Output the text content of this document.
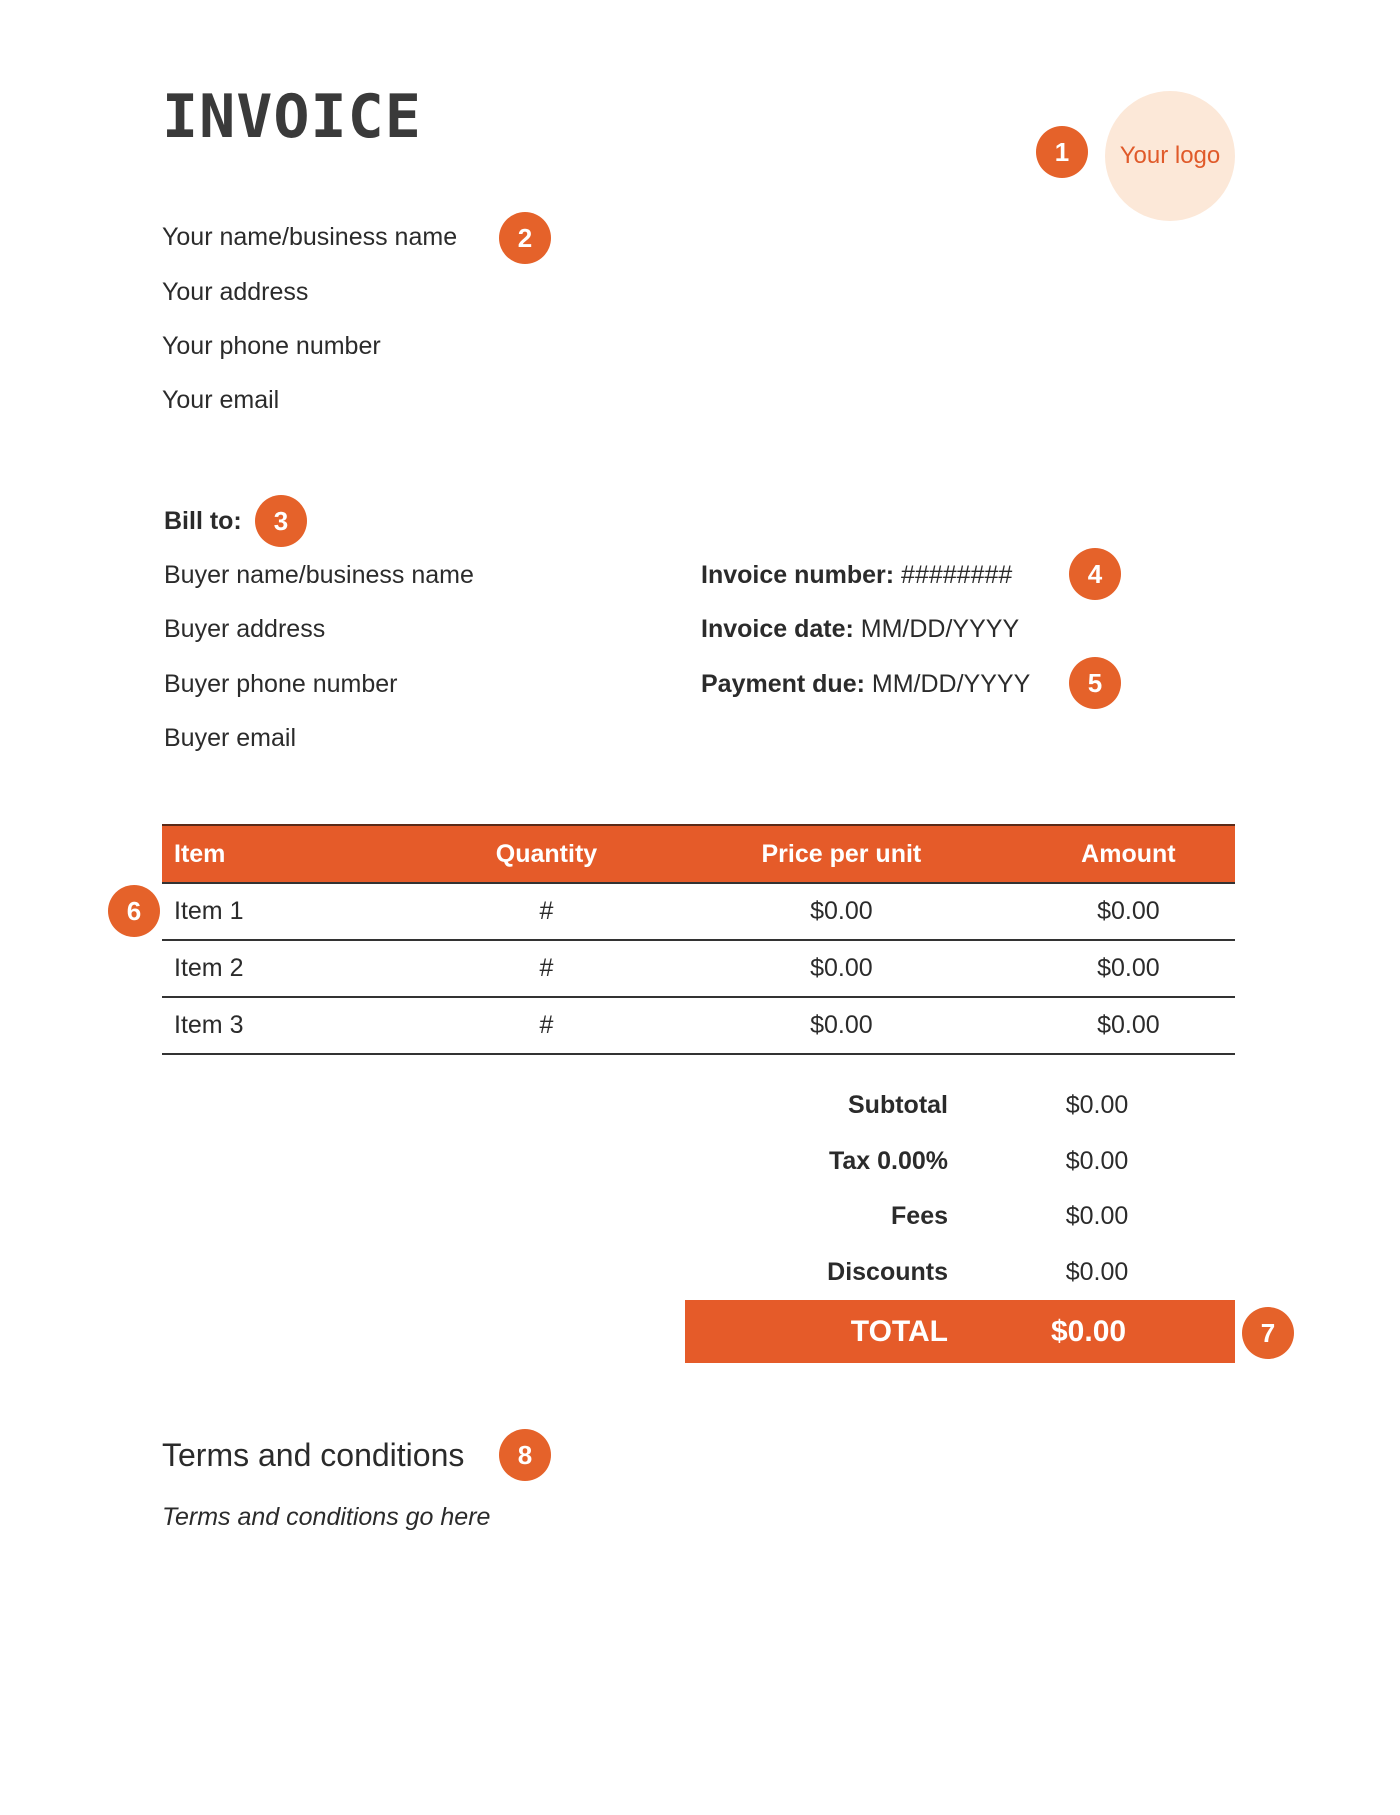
INVOICE
Your logo
1
2
3
4
5
6
7
8
Your name/business name
Your address
Your phone number
Your email
Bill to:
Buyer name/business name
Buyer address
Buyer phone number
Buyer email
Invoice number: ########
Invoice date: MM/DD/YYYY
Payment due: MM/DD/YYYY
Item	Quantity	Price per unit	Amount
Item 1	#	$0.00	$0.00
Item 2	#	$0.00	$0.00
Item 3	#	$0.00	$0.00
Subtotal	$0.00
Tax 0.00%	$0.00
Fees	$0.00
Discounts	$0.00
TOTAL	$0.00
Terms and conditions
Terms and conditions go here
